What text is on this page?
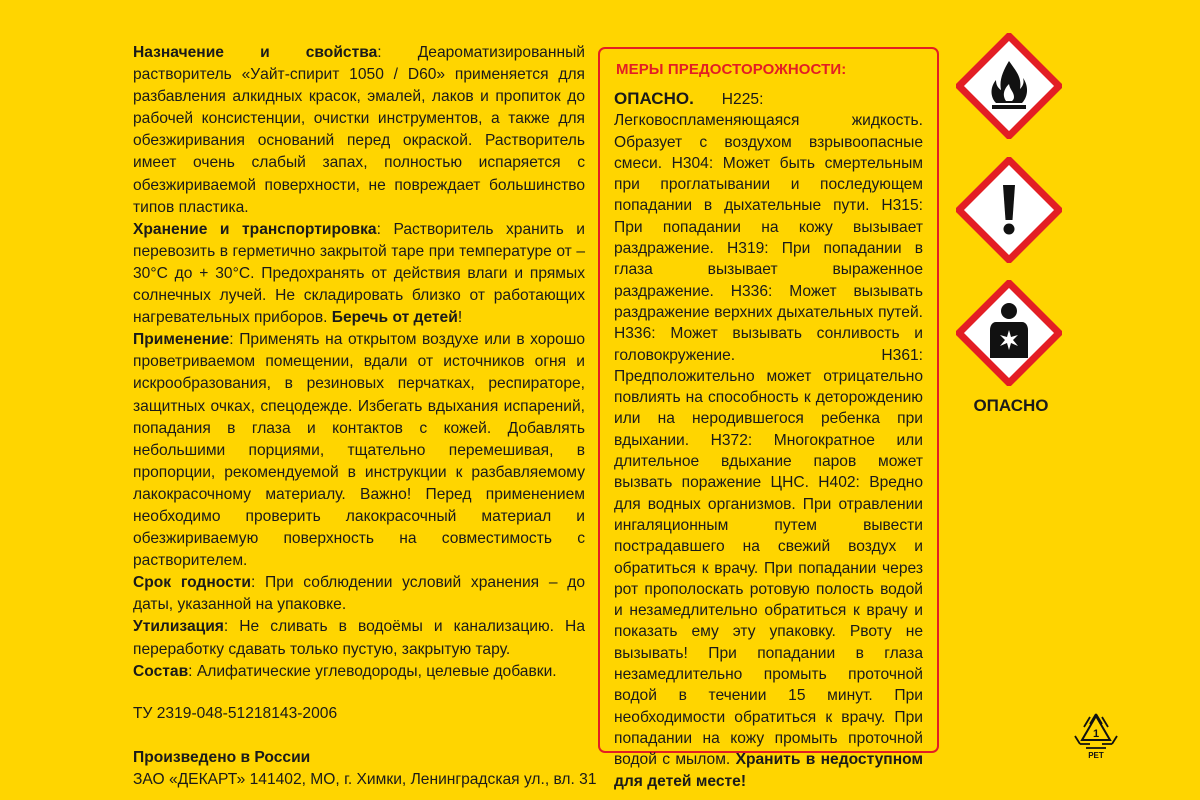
Назначение и свойства: Деароматизированный растворитель «Уайт-спирит 1050 / D60» применяется для разбавления алкидных красок, эмалей, лаков и пропиток до рабочей консистенции, очистки инструментов, а также для обезжиривания оснований перед окраской. Растворитель имеет очень слабый запах, полностью испаряется с обезжириваемой поверхности, не повреждает большинство типов пластика.

Хранение и транспортировка: Растворитель хранить и перевозить в герметично закрытой таре при температуре от – 30°C до + 30°C. Предохранять от действия влаги и прямых солнечных лучей. Не складировать близко от работающих нагревательных приборов. Беречь от детей!

Применение: Применять на открытом воздухе или в хорошо проветриваемом помещении, вдали от источников огня и искрообразования, в резиновых перчатках, респираторе, защитных очках, спецодежде. Избегать вдыхания испарений, попадания в глаза и контактов с кожей. Добавлять небольшими порциями, тщательно перемешивая, в пропорции, рекомендуемой в инструкции к разбавляемому лакокрасочному материалу. Важно! Перед применением необходимо проверить лакокрасочный материал и обезжириваемую поверхность на совместимость с растворителем.

Срок годности: При соблюдении условий хранения – до даты, указанной на упаковке.

Утилизация: Не сливать в водоёмы и канализацию. На переработку сдавать только пустую, закрытую тару.

Состав: Алифатические углеводороды, целевые добавки.

ТУ 2319-048-51218143-2006

Произведено в России

ЗАО «ДЕКАРТ» 141402, МО, г. Химки, Ленинградская ул., вл. 31

МЕРЫ ПРЕДОСТОРОЖНОСТИ:

ОПАСНО. H225: Легковоспламеняющаяся жидкость. Образует с воздухом взрывоопасные смеси. H304: Может быть смертельным при проглатывании и последующем попадании в дыхательные пути. H315: При попадании на кожу вызывает раздражение. H319: При попадании в глаза вызывает выраженное раздражение. H336: Может вызывать раздражение верхних дыхательных путей. H336: Может вызывать сонливость и головокружение. H361: Предположительно может отрицательно повлиять на способность к деторождению или на неродившегося ребенка при вдыхании. H372: Многократное или длительное вдыхание паров может вызвать поражение ЦНС. H402: Вредно для водных организмов. При отравлении ингаляционным путем вывести пострадавшего на свежий воздух и обратиться к врачу. При попадании через рот прополоскать ротовую полость водой и незамедлительно обратиться к врачу и показать ему эту упаковку. Рвоту не вызывать! При попадании в глаза незамедлительно промыть проточной водой в течении 15 минут. При необходимости обратиться к врачу. При попадании на кожу промыть проточной водой с мылом. Хранить в недоступном для детей месте!

ОПАСНО
1
PET
